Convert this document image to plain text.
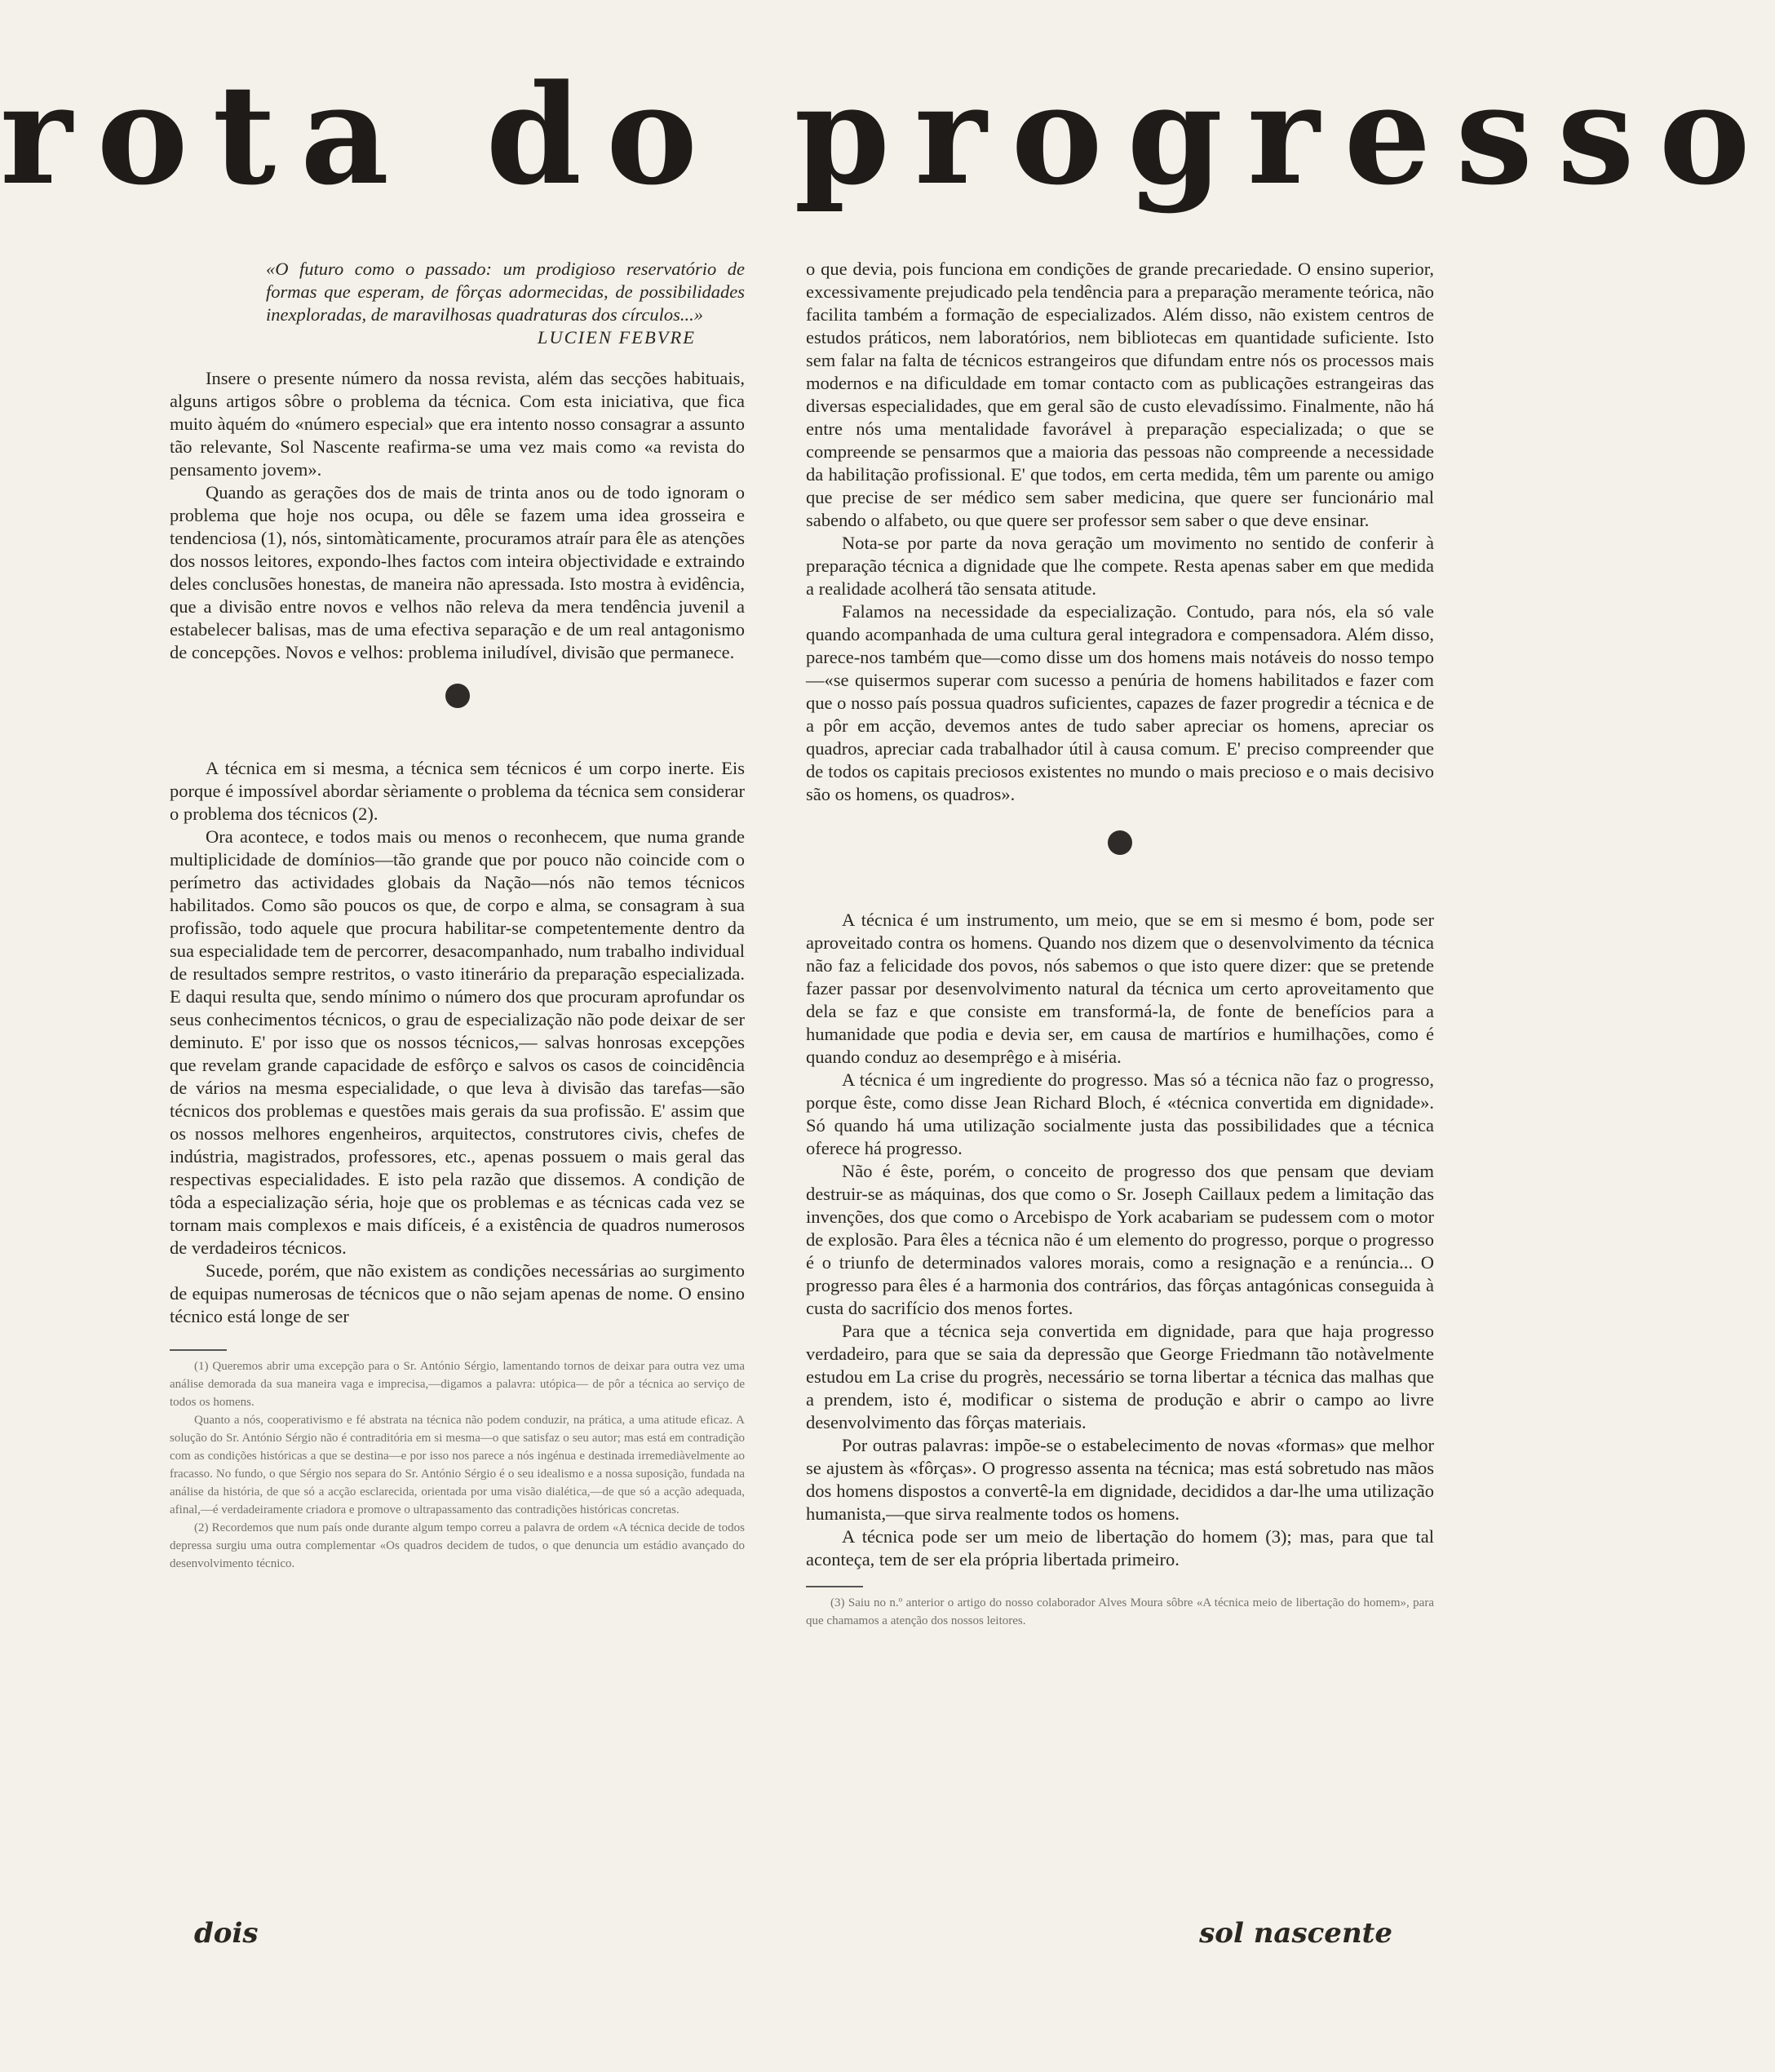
rota do progresso

«O futuro como o passado: um prodigioso reservatório de formas que esperam, de fôrças adormecidas, de possibilidades inexploradas, de maravilhosas quadraturas dos círculos...»

LUCIEN FEBVRE

Insere o presente número da nossa revista, além das secções habituais, alguns artigos sôbre o problema da técnica. Com esta iniciativa, que fica muito àquém do «número especial» que era intento nosso consagrar a assunto tão relevante, Sol Nascente reafirma-se uma vez mais como «a revista do pensamento jovem».

Quando as gerações dos de mais de trinta anos ou de todo ignoram o problema que hoje nos ocupa, ou dêle se fazem uma idea grosseira e tendenciosa (1), nós, sintomàticamente, procuramos atraír para êle as atenções dos nossos leitores, expondo-lhes factos com inteira objectividade e extraindo deles conclusões honestas, de maneira não apressada. Isto mostra à evidência, que a divisão entre novos e velhos não releva da mera tendência juvenil a estabelecer balisas, mas de uma efectiva separação e de um real antagonismo de concepções. Novos e velhos: problema iniludível, divisão que permanece.

A técnica em si mesma, a técnica sem técnicos é um corpo inerte. Eis porque é impossível abordar sèriamente o problema da técnica sem considerar o problema dos técnicos (2).

Ora acontece, e todos mais ou menos o reconhecem, que numa grande multiplicidade de domínios—tão grande que por pouco não coincide com o perímetro das actividades globais da Nação—nós não temos técnicos habilitados. Como são poucos os que, de corpo e alma, se consagram à sua profissão, todo aquele que procura habilitar-se competentemente dentro da sua especialidade tem de percorrer, desacompanhado, num trabalho individual de resultados sempre restritos, o vasto itinerário da preparação especializada. E daqui resulta que, sendo mínimo o número dos que procuram aprofundar os seus conhecimentos técnicos, o grau de especialização não pode deixar de ser deminuto. E' por isso que os nossos técnicos,— salvas honrosas excepções que revelam grande capacidade de esfôrço e salvos os casos de coincidência de vários na mesma especialidade, o que leva à divisão das tarefas—são técnicos dos problemas e questões mais gerais da sua profissão. E' assim que os nossos melhores engenheiros, arquitectos, construtores civis, chefes de indústria, magistrados, professores, etc., apenas possuem o mais geral das respectivas especialidades. E isto pela razão que dissemos. A condição de tôda a especialização séria, hoje que os problemas e as técnicas cada vez se tornam mais complexos e mais difíceis, é a existência de quadros numerosos de verdadeiros técnicos.

Sucede, porém, que não existem as condições necessárias ao surgimento de equipas numerosas de técnicos que o não sejam apenas de nome. O ensino técnico está longe de ser

(1) Queremos abrir uma excepção para o Sr. António Sérgio, lamentando tornos de deixar para outra vez uma análise demorada da sua maneira vaga e imprecisa,—digamos a palavra: utópica— de pôr a técnica ao serviço de todos os homens.

Quanto a nós, cooperativismo e fé abstrata na técnica não podem conduzir, na prática, a uma atitude eficaz. A solução do Sr. António Sérgio não é contraditória em si mesma—o que satisfaz o seu autor; mas está em contradição com as condições históricas a que se destina—e por isso nos parece a nós ingénua e destinada irremediàvelmente ao fracasso. No fundo, o que Sérgio nos separa do Sr. António Sérgio é o seu idealismo e a nossa suposição, fundada na análise da história, de que só a acção esclarecida, orientada por uma visão dialética,—de que só a acção adequada, afinal,—é verdadeiramente criadora e promove o ultrapassamento das contradições históricas concretas.

(2) Recordemos que num país onde durante algum tempo correu a palavra de ordem «A técnica decide de todos depressa surgiu uma outra complementar «Os quadros decidem de tudos, o que denuncia um estádio avançado do desenvolvimento técnico.

o que devia, pois funciona em condições de grande precariedade. O ensino superior, excessivamente prejudicado pela tendência para a preparação meramente teórica, não facilita também a formação de especializados. Além disso, não existem centros de estudos práticos, nem laboratórios, nem bibliotecas em quantidade suficiente. Isto sem falar na falta de técnicos estrangeiros que difundam entre nós os processos mais modernos e na dificuldade em tomar contacto com as publicações estrangeiras das diversas especialidades, que em geral são de custo elevadíssimo. Finalmente, não há entre nós uma mentalidade favorável à preparação especializada; o que se compreende se pensarmos que a maioria das pessoas não compreende a necessidade da habilitação profissional. E' que todos, em certa medida, têm um parente ou amigo que precise de ser médico sem saber medicina, que quere ser funcionário mal sabendo o alfabeto, ou que quere ser professor sem saber o que deve ensinar.

Nota-se por parte da nova geração um movimento no sentido de conferir à preparação técnica a dignidade que lhe compete. Resta apenas saber em que medida a realidade acolherá tão sensata atitude.

Falamos na necessidade da especialização. Contudo, para nós, ela só vale quando acompanhada de uma cultura geral integradora e compensadora. Além disso, parece-nos também que—como disse um dos homens mais notáveis do nosso tempo—«se quisermos superar com sucesso a penúria de homens habilitados e fazer com que o nosso país possua quadros suficientes, capazes de fazer progredir a técnica e de a pôr em acção, devemos antes de tudo saber apreciar os homens, apreciar os quadros, apreciar cada trabalhador útil à causa comum. E' preciso compreender que de todos os capitais preciosos existentes no mundo o mais precioso e o mais decisivo são os homens, os quadros».

A técnica é um instrumento, um meio, que se em si mesmo é bom, pode ser aproveitado contra os homens. Quando nos dizem que o desenvolvimento da técnica não faz a felicidade dos povos, nós sabemos o que isto quere dizer: que se pretende fazer passar por desenvolvimento natural da técnica um certo aproveitamento que dela se faz e que consiste em transformá-la, de fonte de benefícios para a humanidade que podia e devia ser, em causa de martírios e humilhações, como é quando conduz ao desemprêgo e à miséria.

A técnica é um ingrediente do progresso. Mas só a técnica não faz o progresso, porque êste, como disse Jean Richard Bloch, é «técnica convertida em dignidade». Só quando há uma utilização socialmente justa das possibilidades que a técnica oferece há progresso.

Não é êste, porém, o conceito de progresso dos que pensam que deviam destruir-se as máquinas, dos que como o Sr. Joseph Caillaux pedem a limitação das invenções, dos que como o Arcebispo de York acabariam se pudessem com o motor de explosão. Para êles a técnica não é um elemento do progresso, porque o progresso é o triunfo de determinados valores morais, como a resignação e a renúncia... O progresso para êles é a harmonia dos contrários, das fôrças antagónicas conseguida à custa do sacrifício dos menos fortes.

Para que a técnica seja convertida em dignidade, para que haja progresso verdadeiro, para que se saia da depressão que George Friedmann tão notàvelmente estudou em La crise du progrès, necessário se torna libertar a técnica das malhas que a prendem, isto é, modificar o sistema de produção e abrir o campo ao livre desenvolvimento das fôrças materiais.

Por outras palavras: impõe-se o estabelecimento de novas «formas» que melhor se ajustem às «fôrças». O progresso assenta na técnica; mas está sobretudo nas mãos dos homens dispostos a convertê-la em dignidade, decididos a dar-lhe uma utilização humanista,—que sirva realmente todos os homens.

A técnica pode ser um meio de libertação do homem (3); mas, para que tal aconteça, tem de ser ela própria libertada primeiro.

(3) Saiu no n.º anterior o artigo do nosso colaborador Alves Moura sôbre «A técnica meio de libertação do homem», para que chamamos a atenção dos nossos leitores.

dois	sol nascente
